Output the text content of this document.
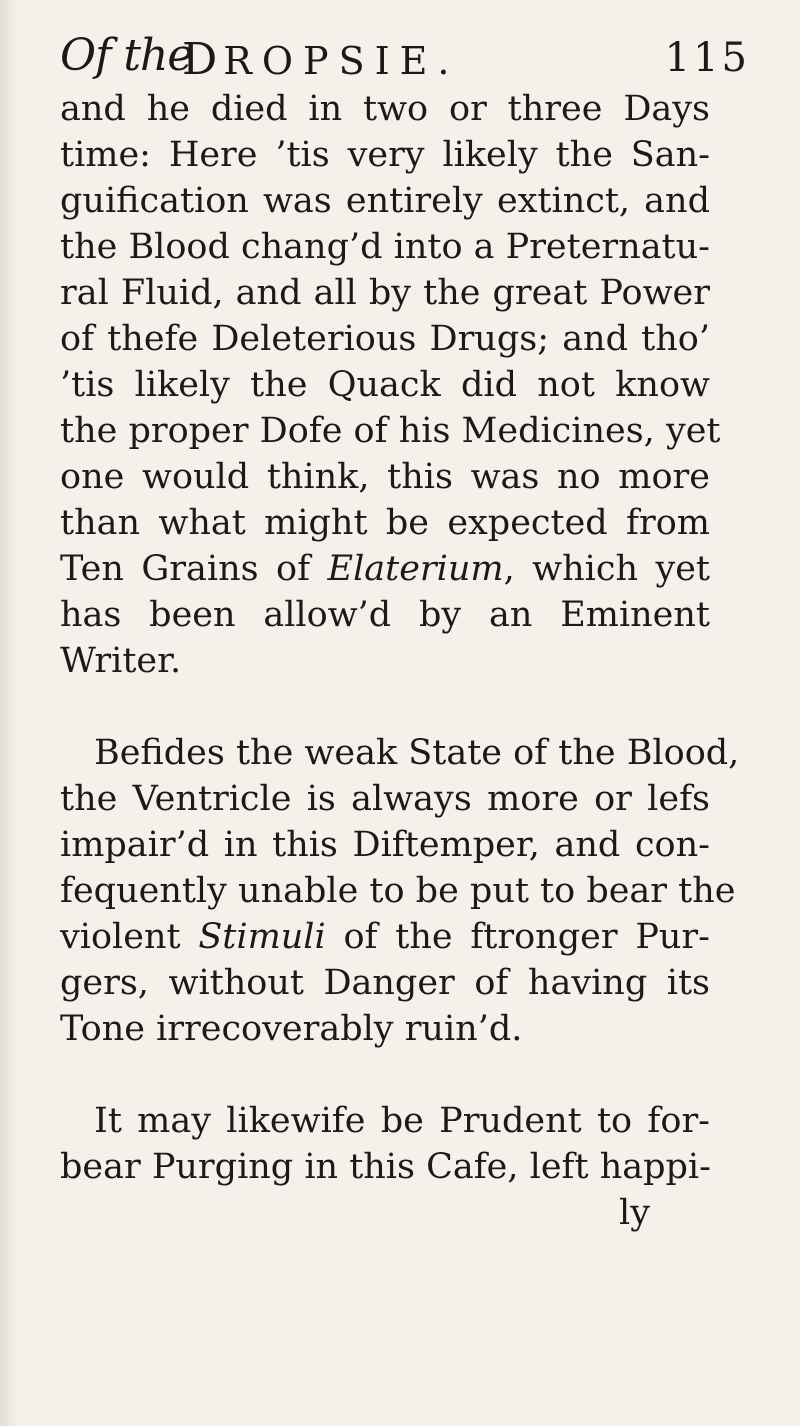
Of the
DROPSIE.	115
and he died in two or three Days
time: Here ’tis very likely the San-
guification was entirely extinct, and
the Blood chang’d into a Preternatu-
ral Fluid, and all by the great Power
of thefe Deleterious Drugs; and tho’
’tis likely the Quack did not know
the proper Dofe of his Medicines, yet
one would think, this was no more
than what might be expected from
Ten Grains of Elaterium, which yet
has been allow’d by an Eminent
Writer.
Befides the weak State of the Blood,
the Ventricle is always more or lefs
impair’d in this Diftemper, and con-
fequently unable to be put to bear the
violent Stimuli of the ftronger Pur-
gers, without Danger of having its
Tone irrecoverably ruin’d.
It may likewife be Prudent to for-
bear Purging in this Cafe, left happi-
ly
